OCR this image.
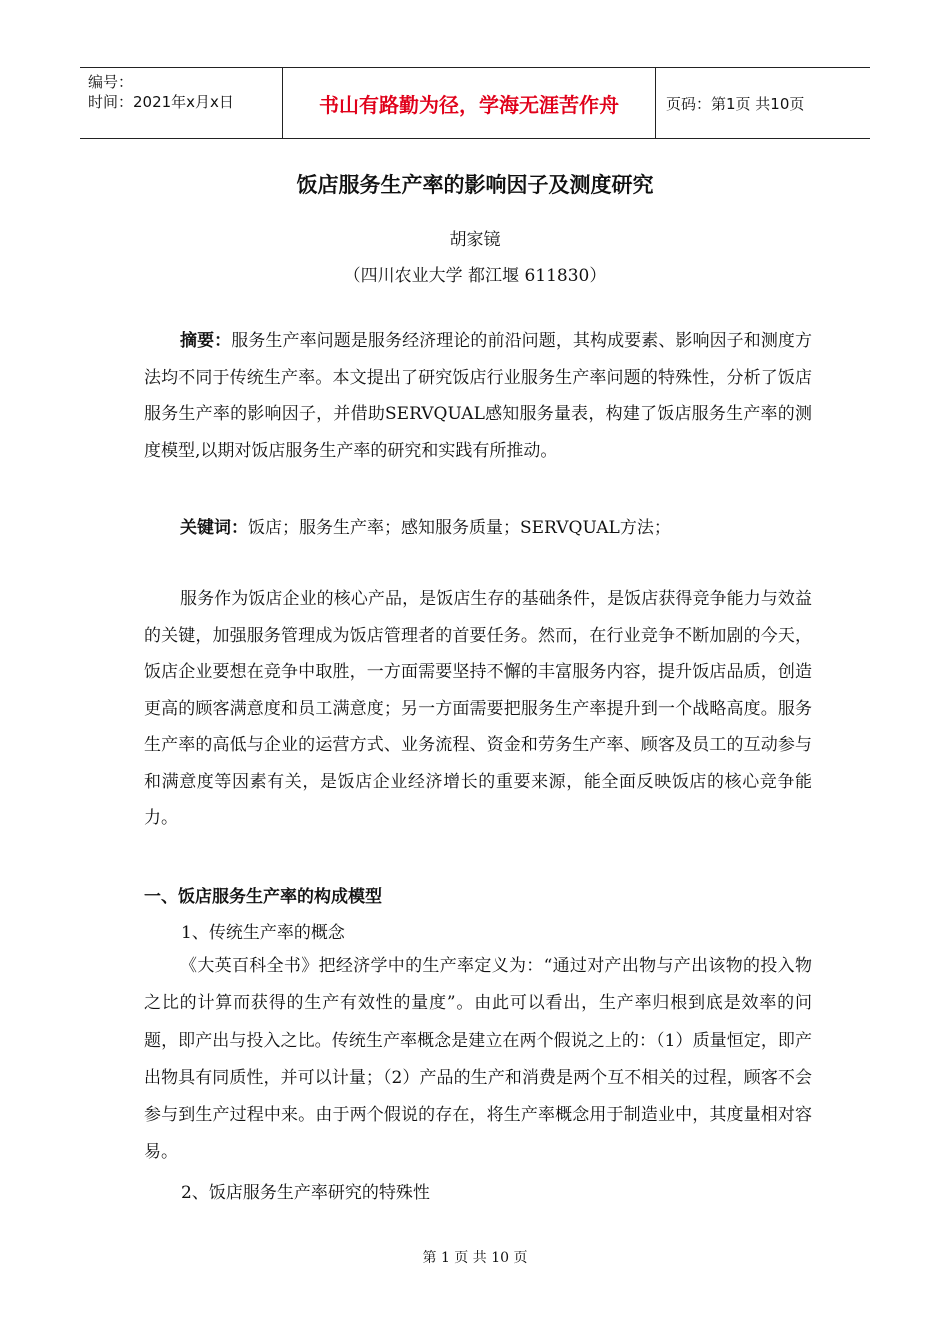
编号：
时间：2021年x月x日	书山有路勤为径，学海无涯苦作舟	页码：第1页 共10页
饭店服务生产率的影响因子及测度研究
胡家镜
（四川农业大学 都江堰 611830）

摘要：服务生产率问题是服务经济理论的前沿问题，其构成要素、影响因子和测度方法均不同于传统生产率。本文提出了研究饭店行业服务生产率问题的特殊性，分析了饭店服务生产率的影响因子，并借助SERVQUAL感知服务量表，构建了饭店服务生产率的测度模型,以期对饭店服务生产率的研究和实践有所推动。

关键词：饭店；服务生产率；感知服务质量；SERVQUAL方法；

服务作为饭店企业的核心产品，是饭店生存的基础条件，是饭店获得竞争能力与效益的关键，加强服务管理成为饭店管理者的首要任务。然而，在行业竞争不断加剧的今天，饭店企业要想在竞争中取胜，一方面需要坚持不懈的丰富服务内容，提升饭店品质，创造更高的顾客满意度和员工满意度；另一方面需要把服务生产率提升到一个战略高度。服务生产率的高低与企业的运营方式、业务流程、资金和劳务生产率、顾客及员工的互动参与和满意度等因素有关，是饭店企业经济增长的重要来源，能全面反映饭店的核心竞争能力。

一、饭店服务生产率的构成模型
1、传统生产率的概念

《大英百科全书》把经济学中的生产率定义为：“通过对产出物与产出该物的投入物之比的计算而获得的生产有效性的量度”。由此可以看出，生产率归根到底是效率的问题，即产出与投入之比。传统生产率概念是建立在两个假说之上的：（1）质量恒定，即产出物具有同质性，并可以计量；（2）产品的生产和消费是两个互不相关的过程，顾客不会参与到生产过程中来。由于两个假说的存在，将生产率概念用于制造业中，其度量相对容易。

2、饭店服务生产率研究的特殊性
第 1 页 共 10 页
